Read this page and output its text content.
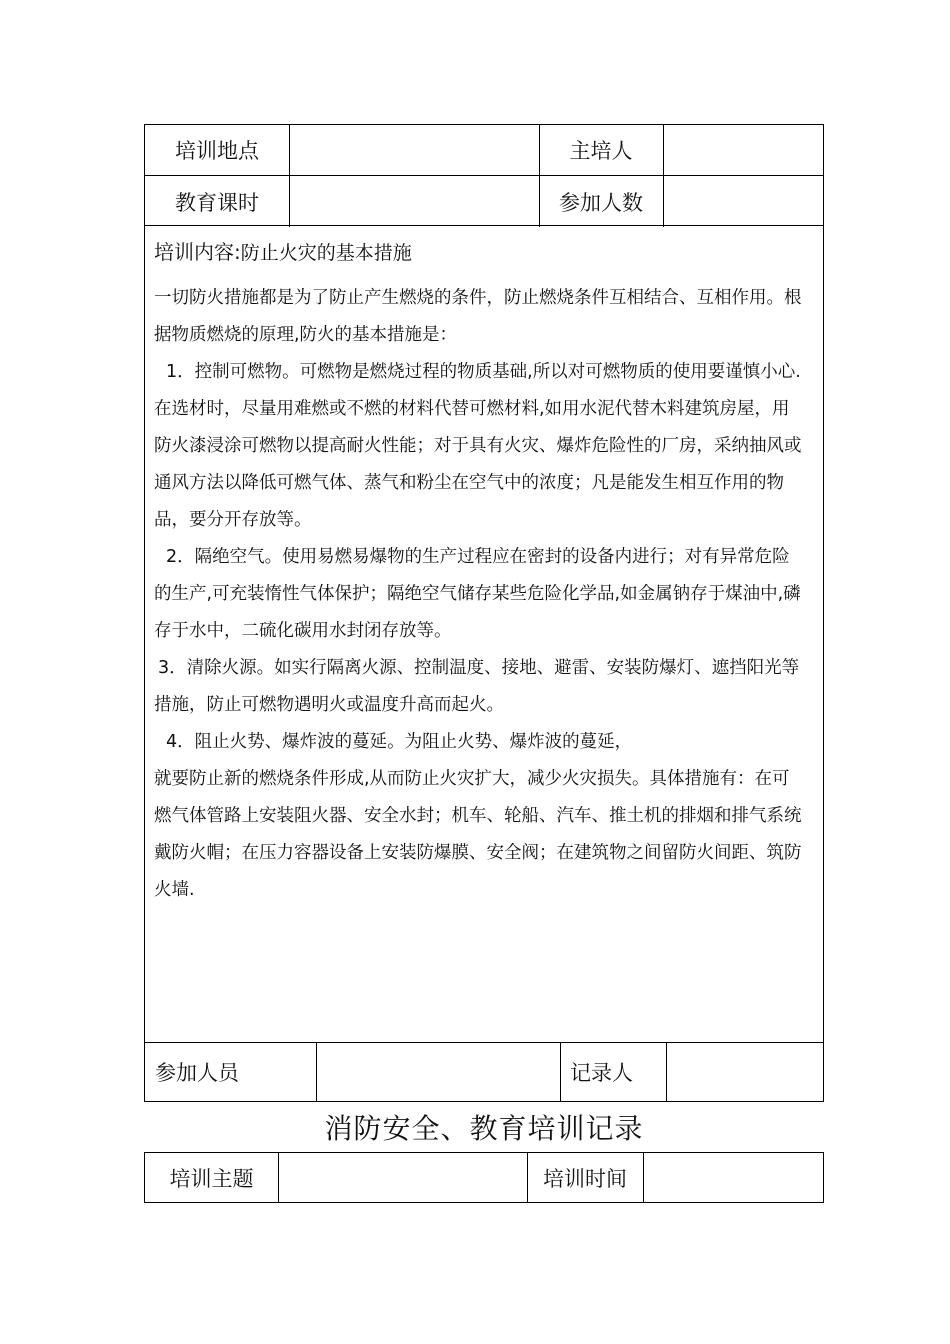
培训地点	主培人
教育课时	参加人数
培训内容:防止火灾的基本措施

一切防火措施都是为了防止产生燃烧的条件，防止燃烧条件互相结合、互相作用。根据物质燃烧的原理,防火的基本措施是：

1．控制可燃物。可燃物是燃烧过程的物质基础,所以对可燃物质的使用要谨慎小心.在选材时，尽量用难燃或不燃的材料代替可燃材料,如用水泥代替木料建筑房屋，用防火漆浸涂可燃物以提高耐火性能；对于具有火灾、爆炸危险性的厂房，采纳抽风或通风方法以降低可燃气体、蒸气和粉尘在空气中的浓度；凡是能发生相互作用的物品，要分开存放等。

2．隔绝空气。使用易燃易爆物的生产过程应在密封的设备内进行；对有异常危险的生产,可充装惰性气体保护；隔绝空气储存某些危险化学品,如金属钠存于煤油中,磷存于水中，二硫化碳用水封闭存放等。

3．清除火源。如实行隔离火源、控制温度、接地、避雷、安装防爆灯、遮挡阳光等措施，防止可燃物遇明火或温度升高而起火。

4．阻止火势、爆炸波的蔓延。为阻止火势、爆炸波的蔓延，

就要防止新的燃烧条件形成,从而防止火灾扩大，减少火灾损失。具体措施有：在可燃气体管路上安装阻火器、安全水封；机车、轮船、汽车、推土机的排烟和排气系统戴防火帽；在压力容器设备上安装防爆膜、安全阀；在建筑物之间留防火间距、筑防火墙.

参加人员	记录人
消防安全、教育培训记录
培训主题	培训时间
